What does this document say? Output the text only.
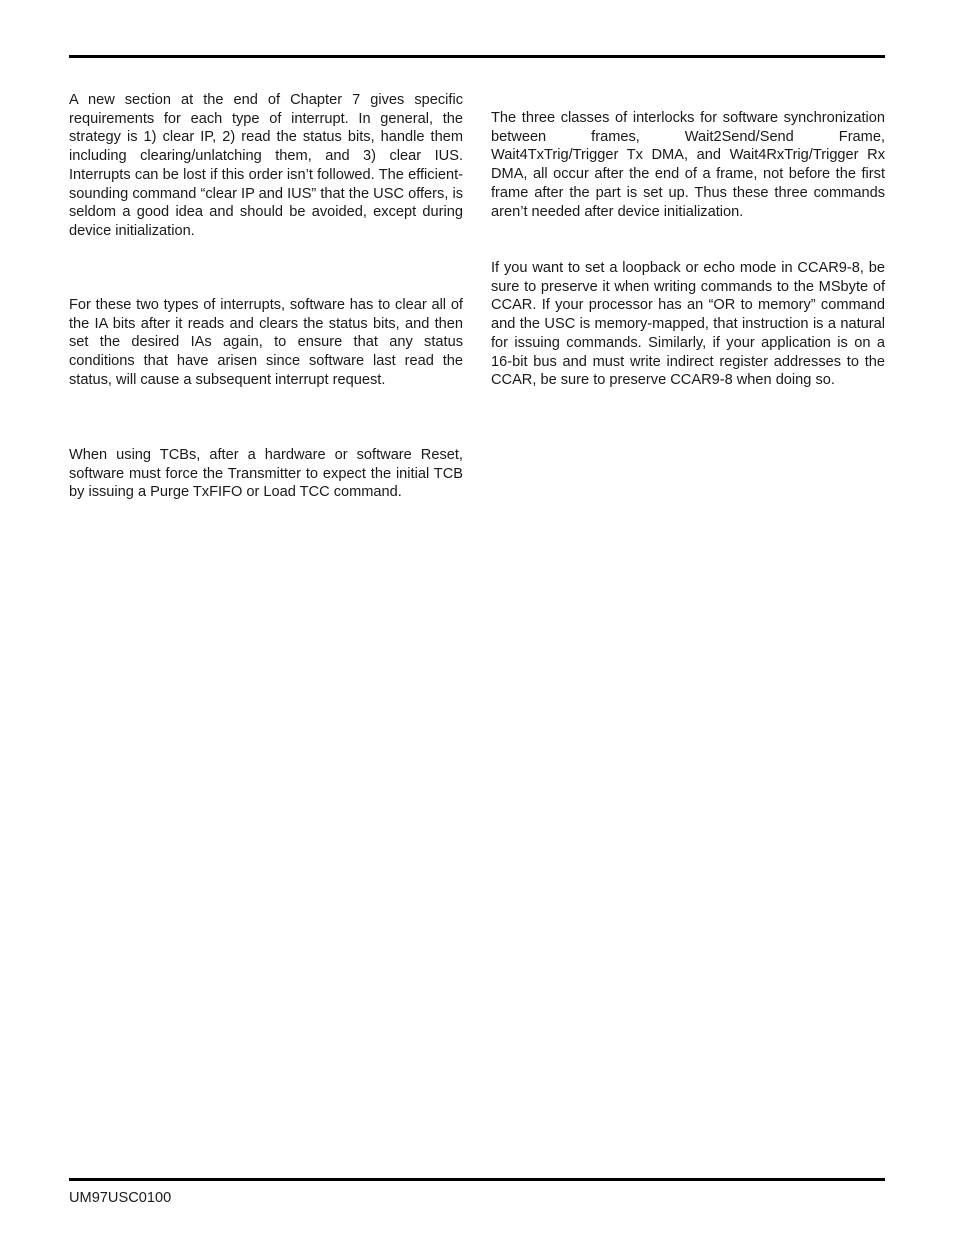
A new section at the end of Chapter 7 gives specific requirements for each type of interrupt. In general, the strategy is 1) clear IP, 2) read the status bits, handle them including clearing/unlatching them, and 3) clear IUS. Interrupts can be lost if this order isn’t followed. The efficient-sounding command “clear IP and IUS” that the USC offers, is seldom a good idea and should be avoided, except during device initialization.

For these two types of interrupts, software has to clear all of the IA bits after it reads and clears the status bits, and then set the desired IAs again, to ensure that any status conditions that have arisen since software last read the status, will cause a subsequent interrupt request.

When using TCBs, after a hardware or software Reset, software must force the Transmitter to expect the initial TCB by issuing a Purge TxFIFO or Load TCC command.

The three classes of interlocks for software synchronization between frames, Wait2Send/Send Frame, Wait4TxTrig/Trigger Tx DMA, and Wait4RxTrig/Trigger Rx DMA, all occur after the end of a frame, not before the first frame after the part is set up. Thus these three commands aren’t needed after device initialization.

If you want to set a loopback or echo mode in CCAR9-8, be sure to preserve it when writing commands to the MSbyte of CCAR. If your processor has an “OR to memory” command and the USC is memory-mapped, that instruction is a natural for issuing commands. Similarly, if your application is on a 16-bit bus and must write indirect register addresses to the CCAR, be sure to preserve CCAR9-8 when doing so.

UM97USC0100
